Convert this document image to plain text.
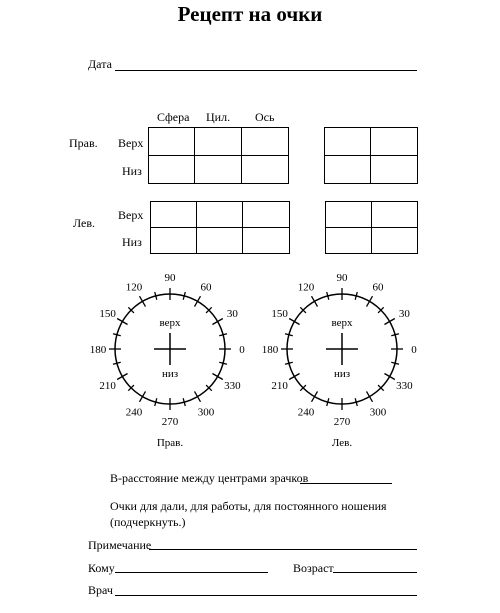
Рецепт на очки
Дата
Сфера Цил. Ось
Прав. Верх
Низ
Лев.
Верх
Низ
0
30
60
90
120
150
180
210
240
270
300
330
верх
низ
Прав.
0
30
60
90
120
150
180
210
240
270
300
330
верх
низ
Лев.
В-расстояние между центрами зрачков
Очки для дали, для работы, для постоянного ношения
(подчеркнуть.)
Примечание
Кому	Возраст
Врач
